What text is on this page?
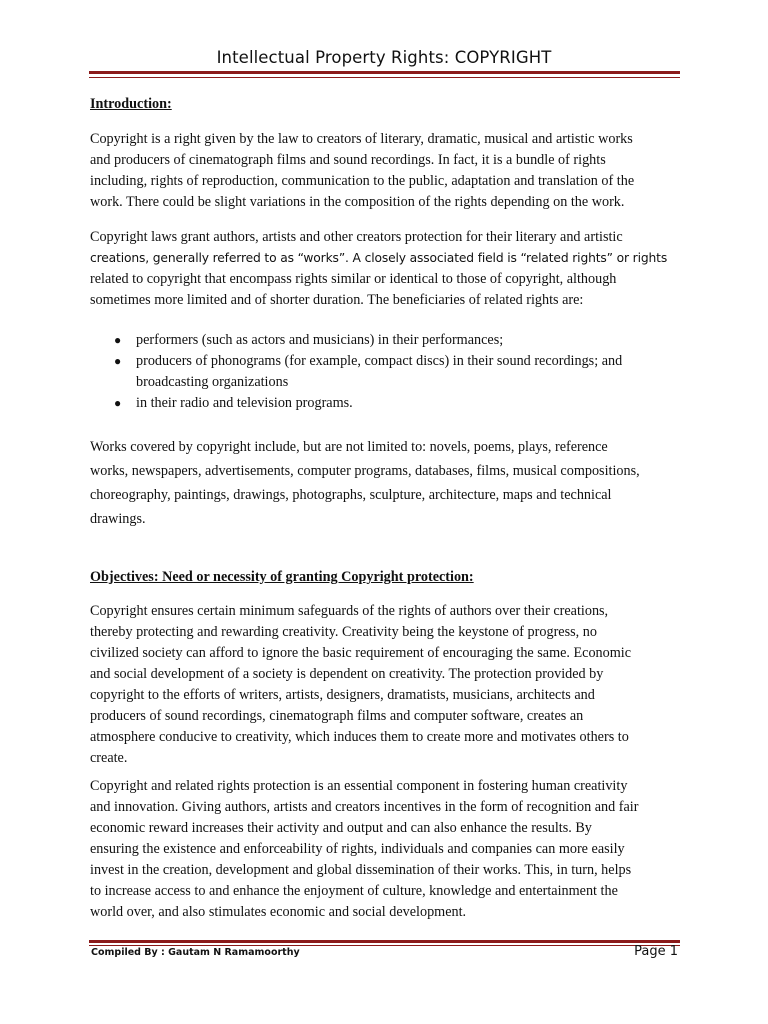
Intellectual Property Rights: COPYRIGHT
Introduction:

Copyright is a right given by the law to creators of literary, dramatic, musical and artistic works
and producers of cinematograph films and sound recordings. In fact, it is a bundle of rights
including, rights of reproduction, communication to the public, adaptation and translation of the
work. There could be slight variations in the composition of the rights depending on the work.

Copyright laws grant authors, artists and other creators protection for their literary and artistic
creations, generally referred to as “works”. A closely associated field is “related rights” or rights
related to copyright that encompass rights similar or identical to those of copyright, although
sometimes more limited and of shorter duration. The beneficiaries of related rights are:

● performers (such as actors and musicians) in their performances;
● producers of phonograms (for example, compact discs) in their sound recordings; and
broadcasting organizations
● in their radio and television programs.

Works covered by copyright include, but are not limited to: novels, poems, plays, reference
works, newspapers, advertisements, computer programs, databases, films, musical compositions,
choreography, paintings, drawings, photographs, sculpture, architecture, maps and technical
drawings.

Objectives: Need or necessity of granting Copyright protection:

Copyright ensures certain minimum safeguards of the rights of authors over their creations,
thereby protecting and rewarding creativity. Creativity being the keystone of progress, no
civilized society can afford to ignore the basic requirement of encouraging the same. Economic
and social development of a society is dependent on creativity. The protection provided by
copyright to the efforts of writers, artists, designers, dramatists, musicians, architects and
producers of sound recordings, cinematograph films and computer software, creates an
atmosphere conducive to creativity, which induces them to create more and motivates others to
create.

Copyright and related rights protection is an essential component in fostering human creativity
and innovation. Giving authors, artists and creators incentives in the form of recognition and fair
economic reward increases their activity and output and can also enhance the results. By
ensuring the existence and enforceability of rights, individuals and companies can more easily
invest in the creation, development and global dissemination of their works. This, in turn, helps
to increase access to and enhance the enjoyment of culture, knowledge and entertainment the
world over, and also stimulates economic and social development.

Compiled By : Gautam N Ramamoorthy	Page 1
